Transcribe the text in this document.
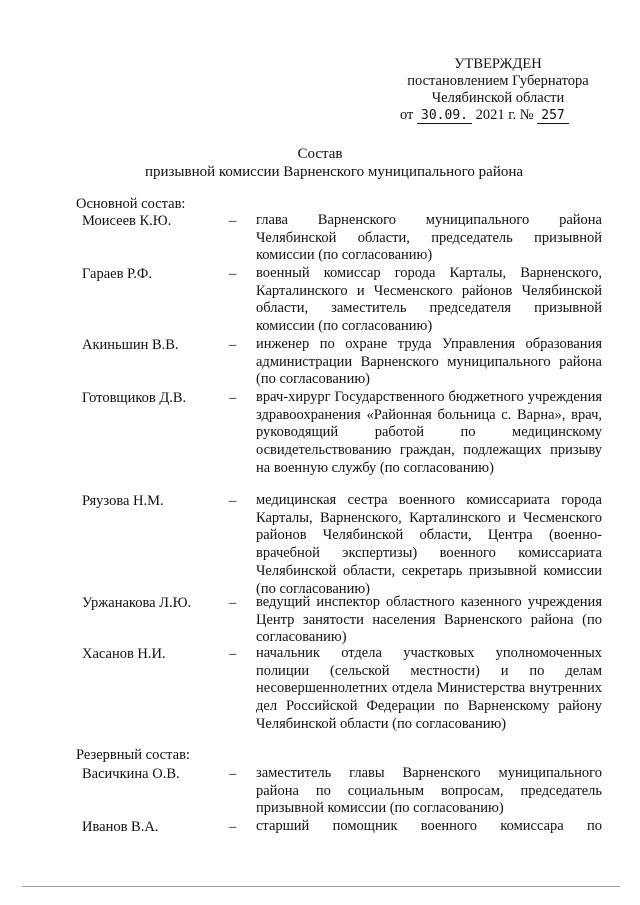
УТВЕРЖДЕН
постановлением Губернатора
Челябинской области
от 30.09. 2021 г. № 257
Состав
призывной комиссии Варненского муниципального района
Основной состав:
Моисеев К.Ю.	– глава Варненского муниципального района Челябинской области, председатель призывной комиссии (по согласованию)
Гараев Р.Ф.	– военный комиссар города Карталы, Варненского, Карталинского и Чесменского районов Челябинской области, заместитель председателя призывной комиссии (по согласованию)
Акиньшин В.В.	– инженер по охране труда Управления образования администрации Варненского муниципального района (по согласованию)
Готовщиков Д.В.	– врач-хирург Государственного бюджетного учреждения здравоохранения «Районная больница с. Варна», врач, руководящий работой по медицинскому освидетельствованию граждан, подлежащих призыву на военную службу (по согласованию)
Ряузова Н.М.	– медицинская сестра военного комиссариата города Карталы, Варненского, Карталинского и Чесменского районов Челябинской области, Центра (военно-врачебной экспертизы) военного комиссариата Челябинской области, секретарь призывной комиссии (по согласованию)
Уржанакова Л.Ю.	– ведущий инспектор областного казенного учреждения Центр занятости населения Варненского района (по согласованию)
Хасанов Н.И.	– начальник отдела участковых уполномоченных полиции (сельской местности) и по делам несовершеннолетних отдела Министерства внутренних дел Российской Федерации по Варненскому району Челябинской области (по согласованию)
Резервный состав:
Васичкина О.В.	– заместитель главы Варненского муниципального района по социальным вопросам, председатель призывной комиссии (по согласованию)
Иванов В.А.	– старший помощник военного комиссара по
